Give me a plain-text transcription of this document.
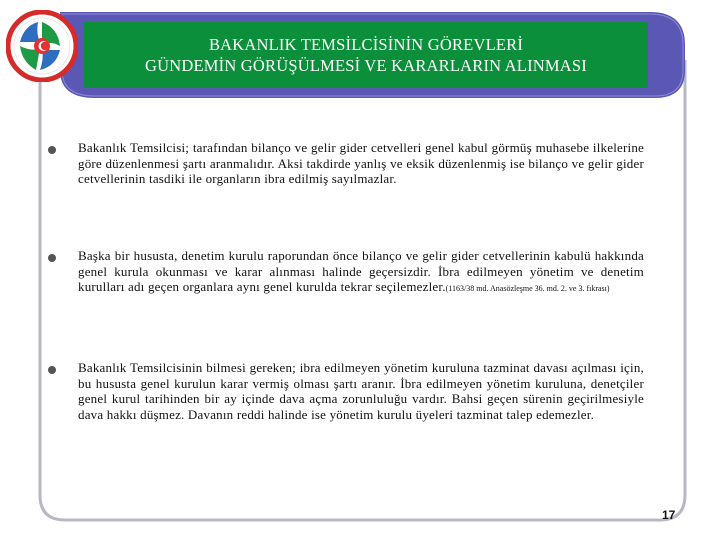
BAKANLIK TEMSİLCİSİNİN GÖREVLERİ
GÜNDEMİN GÖRÜŞÜLMESİ VE KARARLARIN ALINMASI
Bakanlık Temsilcisi; tarafından bilanço ve gelir gider cetvelleri genel kabul görmüş muhasebe ilkelerine göre düzenlenmesi şartı aranmalıdır. Aksi takdirde yanlış ve eksik düzenlenmiş ise bilanço ve gelir gider cetvellerinin tasdiki ile organların ibra edilmiş sayılmazlar.
Başka bir hususta, denetim kurulu raporundan önce bilanço ve gelir gider cetvellerinin kabulü hakkında genel kurula okunması ve karar alınması halinde geçersizdir. İbra edilmeyen yönetim ve denetim kurulları adı geçen organlara aynı genel kurulda tekrar seçilemezler.(1163/38 md. Anasözleşme 36. md. 2. ve 3. fıkrası)
Bakanlık Temsilcisinin bilmesi gereken; ibra edilmeyen yönetim kuruluna tazminat davası açılması için, bu hususta genel kurulun karar vermiş olması şartı aranır. İbra edilmeyen yönetim kuruluna, denetçiler genel kurul tarihinden bir ay içinde dava açma zorunluluğu vardır. Bahsi geçen sürenin geçirilmesiyle dava hakkı düşmez. Davanın reddi halinde ise yönetim kurulu üyeleri tazminat talep edemezler.
17
